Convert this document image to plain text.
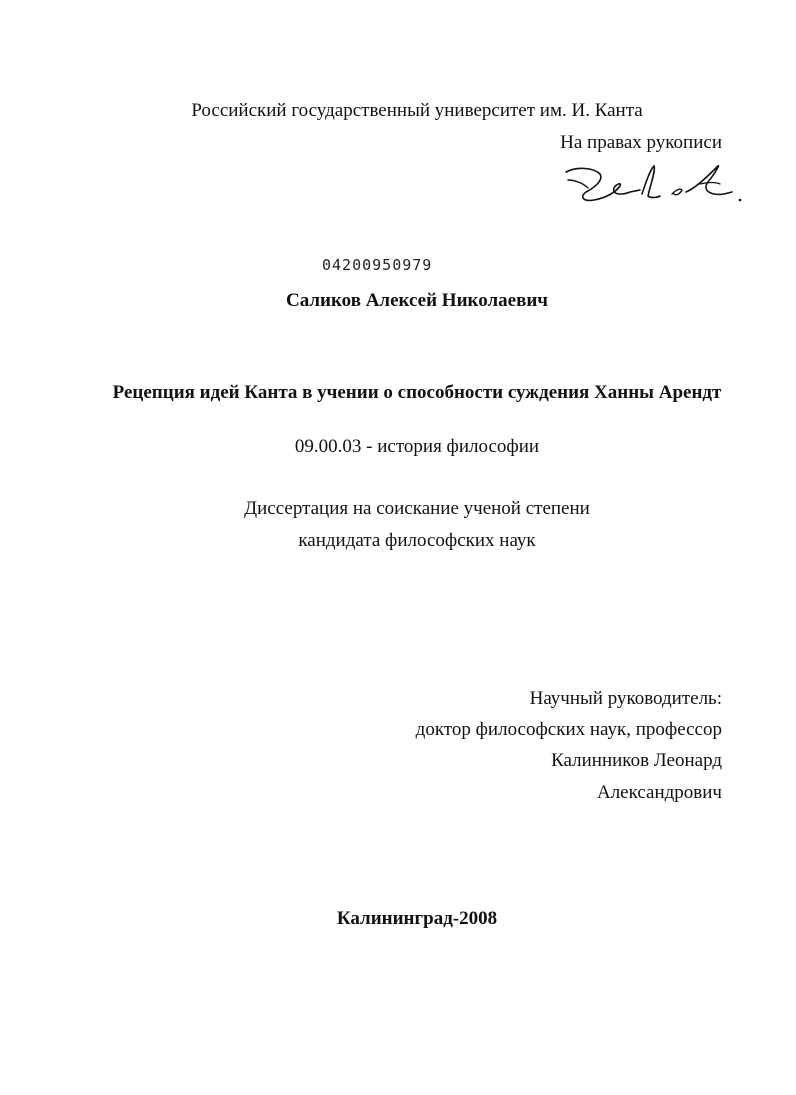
Российский государственный университет им. И. Канта
На правах рукописи
04200950979
Саликов Алексей Николаевич
Рецепция идей Канта в учении о способности суждения Ханны Арендт
09.00.03 - история философии
Диссертация на соискание ученой степени
кандидата философских наук
Научный руководитель:
доктор философских наук, профессор
Калинников Леонард
Александрович
Калининград-2008
